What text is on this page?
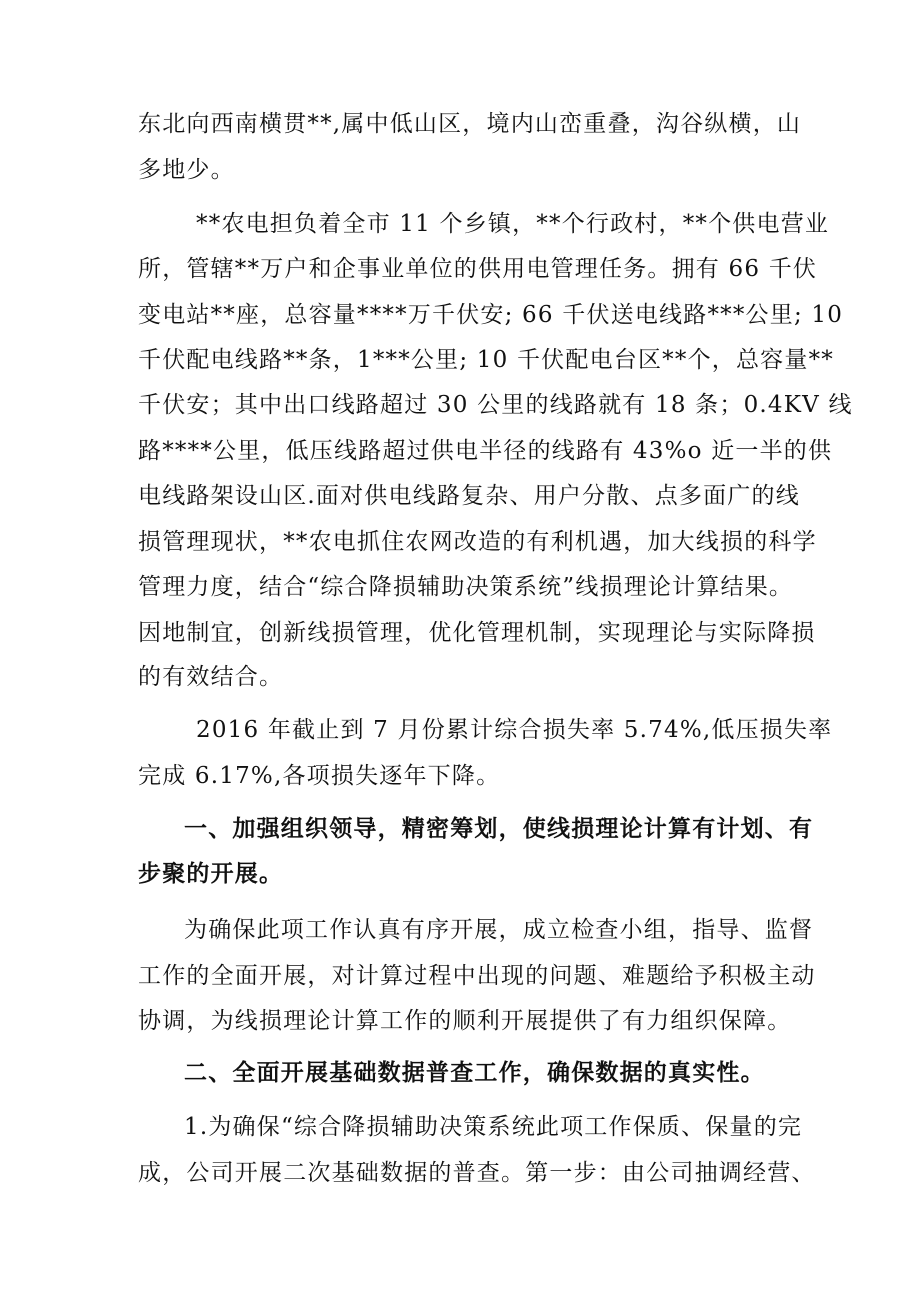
东北向西南横贯**,属中低山区，境内山峦重叠，沟谷纵横，山
多地少。
**农电担负着全市 11 个乡镇，**个行政村，**个供电营业
所，管辖**万户和企事业单位的供用电管理任务。拥有 66 千伏
变电站**座，总容量****万千伏安; 66 千伏送电线路***公里; 10
千伏配电线路**条，1***公里; 10 千伏配电台区**个，总容量**
千伏安；其中出口线路超过 30 公里的线路就有 18 条；0.4KV 线
路****公里，低压线路超过供电半径的线路有 43%o 近一半的供
电线路架设山区.面对供电线路复杂、用户分散、点多面广的线
损管理现状，**农电抓住农网改造的有利机遇，加大线损的科学
管理力度，结合“综合降损辅助决策系统”线损理论计算结果。
因地制宜，创新线损管理，优化管理机制，实现理论与实际降损
的有效结合。
2016 年截止到 7 月份累计综合损失率 5.74%,低压损失率
完成 6.17%,各项损失逐年下降。
一、加强组织领导，精密筹划，使线损理论计算有计划、有
步聚的开展。
为确保此项工作认真有序开展，成立检查小组，指导、监督
工作的全面开展，对计算过程中出现的问题、难题给予积极主动
协调，为线损理论计算工作的顺利开展提供了有力组织保障。
二、全面开展基础数据普查工作，确保数据的真实性。
1.为确保“综合降损辅助决策系统此项工作保质、保量的完
成，公司开展二次基础数据的普查。第一步：由公司抽调经营、
